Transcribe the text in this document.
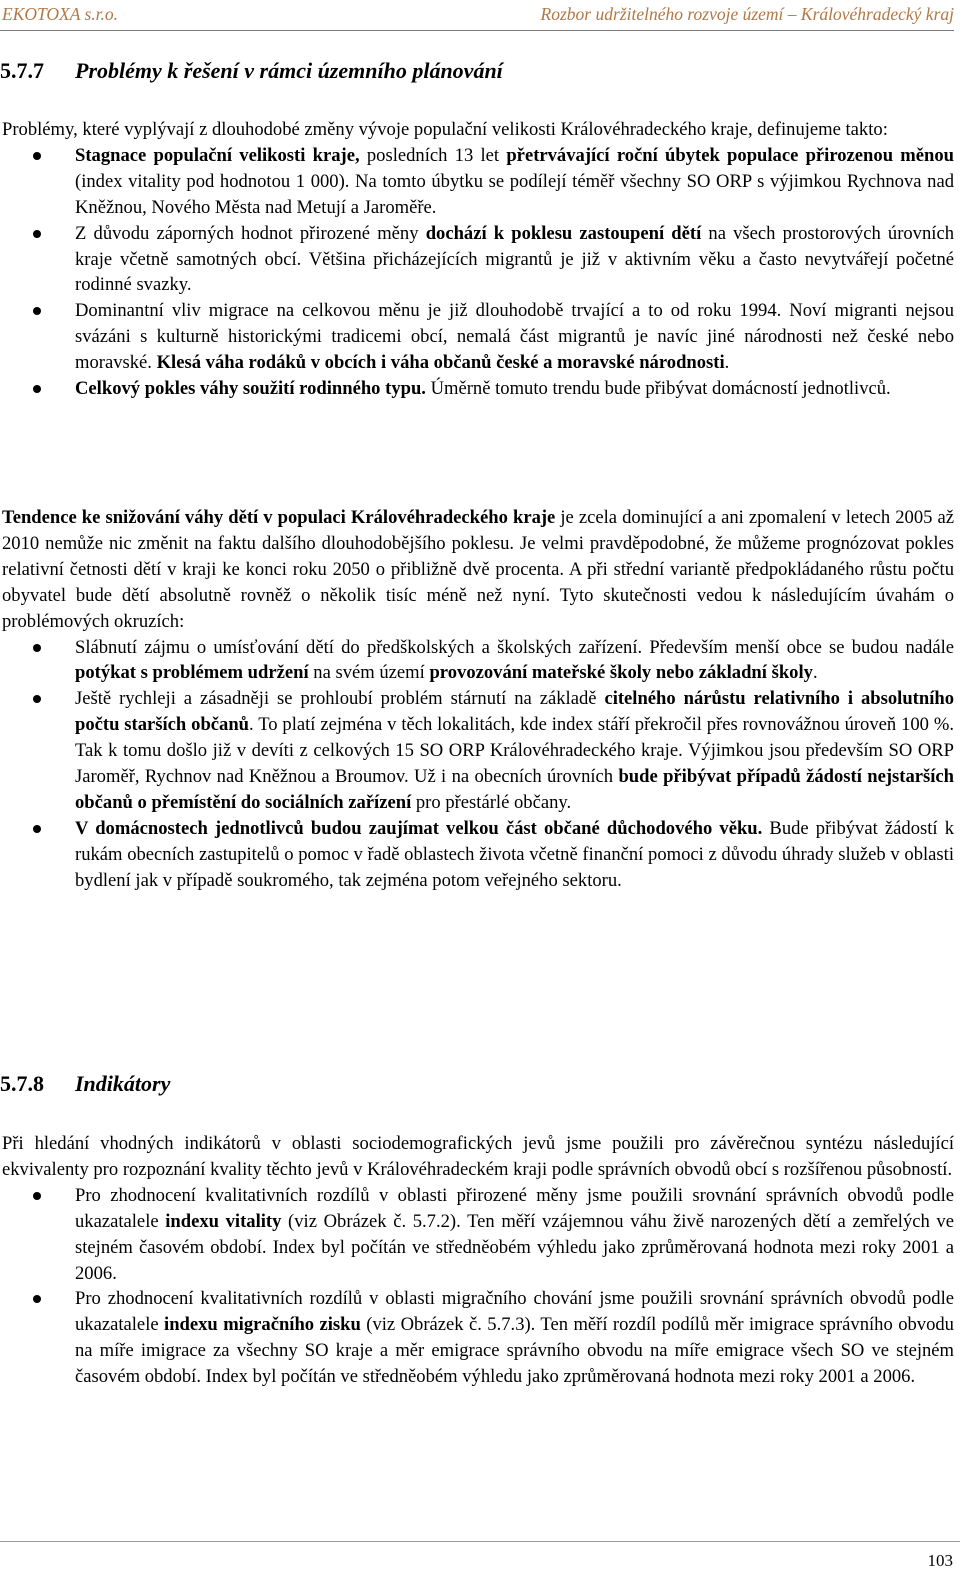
EKOTOXA s.r.o.	Rozbor udržitelného rozvoje území – Královéhradecký kraj
5.7.7 Problémy k řešení v rámci územního plánování

Problémy, které vyplývají z dlouhodobé změny vývoje populační velikosti Královéhradeckého kraje, definujeme takto:

Stagnace populační velikosti kraje, posledních 13 let přetrvávající roční úbytek populace přirozenou měnou (index vitality pod hodnotou 1 000). Na tomto úbytku se podílejí téměř všechny SO ORP s výjimkou Rychnova nad Kněžnou, Nového Města nad Metují a Jaroměře.
Z důvodu záporných hodnot přirozené měny dochází k poklesu zastoupení dětí na všech prostorových úrovních kraje včetně samotných obcí. Většina přicházejících migrantů je již v aktivním věku a často nevytvářejí početné rodinné svazky.
Dominantní vliv migrace na celkovou měnu je již dlouhodobě trvající a to od roku 1994. Noví migranti nejsou svázáni s kulturně historickými tradicemi obcí, nemalá část migrantů je navíc jiné národnosti než české nebo moravské. Klesá váha rodáků v obcích i váha občanů české a moravské národnosti.
Celkový pokles váhy soužití rodinného typu. Úměrně tomuto trendu bude přibývat domácností jednotlivců.

Tendence ke snižování váhy dětí v populaci Královéhradeckého kraje je zcela dominující a ani zpomalení v letech 2005 až 2010 nemůže nic změnit na faktu dalšího dlouhodobějšího poklesu. Je velmi pravděpodobné, že můžeme prognózovat pokles relativní četnosti dětí v kraji ke konci roku 2050 o přibližně dvě procenta. A při střední variantě předpokládaného růstu počtu obyvatel bude dětí absolutně rovněž o několik tisíc méně než nyní. Tyto skutečnosti vedou k následujícím úvahám o problémových okruzích:

Slábnutí zájmu o umísťování dětí do předškolských a školských zařízení. Především menší obce se budou nadále potýkat s problémem udržení na svém území provozování mateřské školy nebo základní školy.
Ještě rychleji a zásadněji se prohloubí problém stárnutí na základě citelného nárůstu relativního i absolutního počtu starších občanů. To platí zejména v těch lokalitách, kde index stáří překročil přes rovnovážnou úroveň 100 %. Tak k tomu došlo již v devíti z celkových 15 SO ORP Královéhradeckého kraje. Výjimkou jsou především SO ORP Jaroměř, Rychnov nad Kněžnou a Broumov. Už i na obecních úrovních bude přibývat případů žádostí nejstarších občanů o přemístění do sociálních zařízení pro přestárlé občany.
V domácnostech jednotlivců budou zaujímat velkou část občané důchodového věku. Bude přibývat žádostí k rukám obecních zastupitelů o pomoc v řadě oblastech života včetně finanční pomoci z důvodu úhrady služeb v oblasti bydlení jak v případě soukromého, tak zejména potom veřejného sektoru.
5.7.8 Indikátory

Při hledání vhodných indikátorů v oblasti sociodemografických jevů jsme použili pro závěrečnou syntézu následující ekvivalenty pro rozpoznání kvality těchto jevů v Královéhradeckém kraji podle správních obvodů obcí s rozšířenou působností.

Pro zhodnocení kvalitativních rozdílů v oblasti přirozené měny jsme použili srovnání správních obvodů podle ukazatalele indexu vitality (viz Obrázek č. 5.7.2). Ten měří vzájemnou váhu živě narozených dětí a zemřelých ve stejném časovém období. Index byl počítán ve středněobém výhledu jako zprůměrovaná hodnota mezi roky 2001 a 2006.
Pro zhodnocení kvalitativních rozdílů v oblasti migračního chování jsme použili srovnání správních obvodů podle ukazatalele indexu migračního zisku (viz Obrázek č. 5.7.3). Ten měří rozdíl podílů měr imigrace správního obvodu na míře imigrace za všechny SO kraje a měr emigrace správního obvodu na míře emigrace všech SO ve stejném časovém období. Index byl počítán ve středněobém výhledu jako zprůměrovaná hodnota mezi roky 2001 a 2006.
103
